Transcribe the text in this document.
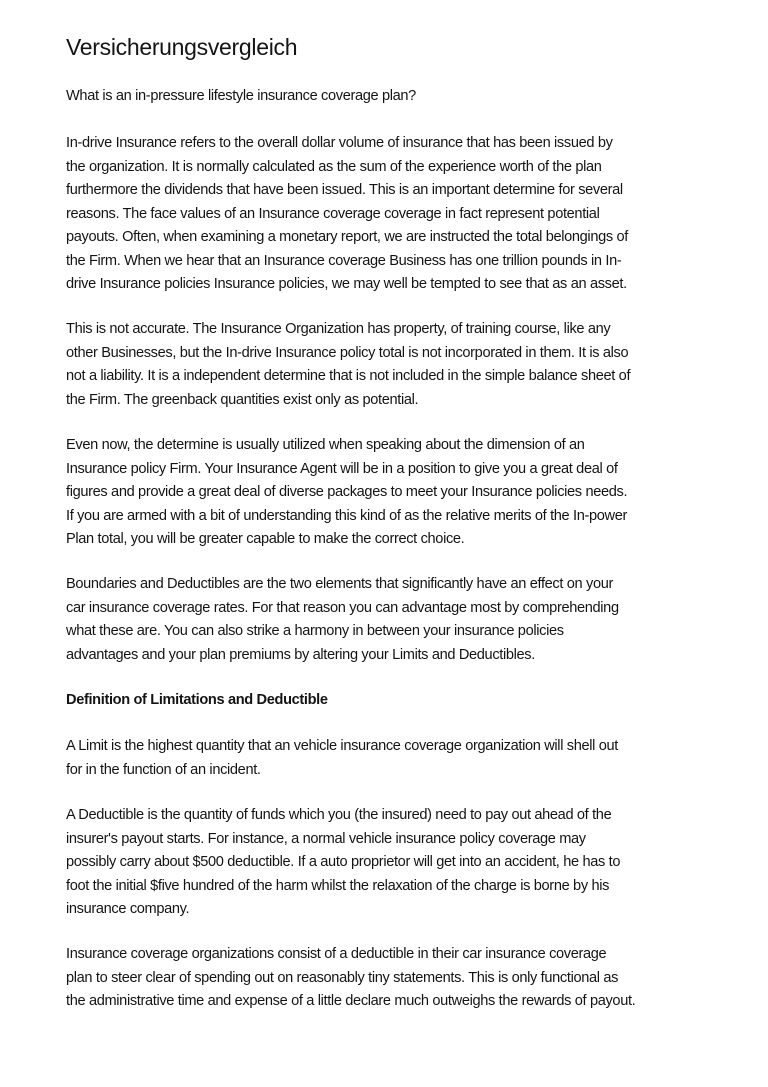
Versicherungsvergleich

What is an in-pressure lifestyle insurance coverage plan?

In-drive Insurance refers to the overall dollar volume of insurance that has been issued by
the organization. It is normally calculated as the sum of the experience worth of the plan
furthermore the dividends that have been issued. This is an important determine for several
reasons. The face values of an Insurance coverage coverage in fact represent potential
payouts. Often, when examining a monetary report, we are instructed the total belongings of
the Firm. When we hear that an Insurance coverage Business has one trillion pounds in In-
drive Insurance policies Insurance policies, we may well be tempted to see that as an asset.

This is not accurate. The Insurance Organization has property, of training course, like any
other Businesses, but the In-drive Insurance policy total is not incorporated in them. It is also
not a liability. It is a independent determine that is not included in the simple balance sheet of
the Firm. The greenback quantities exist only as potential.

Even now, the determine is usually utilized when speaking about the dimension of an
Insurance policy Firm. Your Insurance Agent will be in a position to give you a great deal of
figures and provide a great deal of diverse packages to meet your Insurance policies needs.
If you are armed with a bit of understanding this kind of as the relative merits of the In-power
Plan total, you will be greater capable to make the correct choice.

Boundaries and Deductibles are the two elements that significantly have an effect on your
car insurance coverage rates. For that reason you can advantage most by comprehending
what these are. You can also strike a harmony in between your insurance policies
advantages and your plan premiums by altering your Limits and Deductibles.

Definition of Limitations and Deductible

A Limit is the highest quantity that an vehicle insurance coverage organization will shell out
for in the function of an incident.

A Deductible is the quantity of funds which you (the insured) need to pay out ahead of the
insurer's payout starts. For instance, a normal vehicle insurance policy coverage may
possibly carry about $500 deductible. If a auto proprietor will get into an accident, he has to
foot the initial $five hundred of the harm whilst the relaxation of the charge is borne by his
insurance company.

Insurance coverage organizations consist of a deductible in their car insurance coverage
plan to steer clear of spending out on reasonably tiny statements. This is only functional as
the administrative time and expense of a little declare much outweighs the rewards of payout.
